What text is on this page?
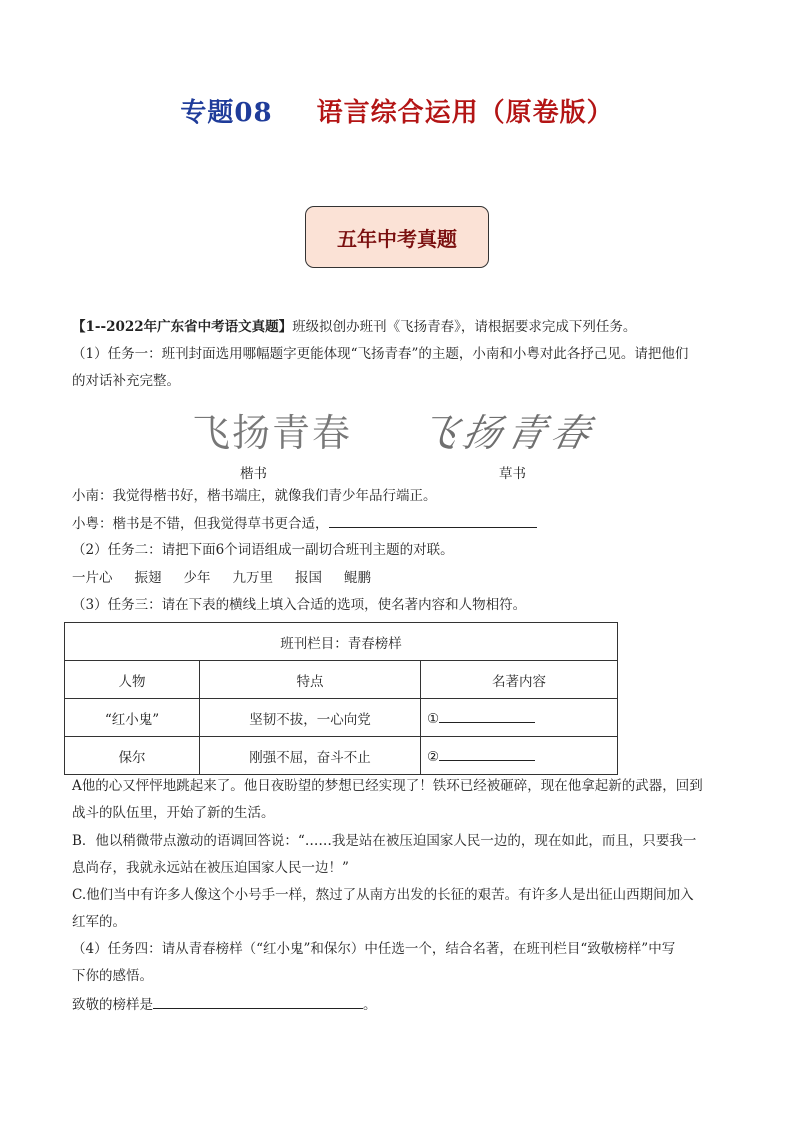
专题08 语言综合运用（原卷版）
五年中考真题
【1--2022年广东省中考语文真题】班级拟创办班刊《飞扬青春》，请根据要求完成下列任务。
（1）任务一：班刊封面选用哪幅题字更能体现“飞扬青春”的主题，小南和小粤对此各抒己见。请把他们
的对话补充完整。
飞扬青春 飞扬青春
楷书	草书
小南：我觉得楷书好，楷书端庄，就像我们青少年品行端正。
小粤：楷书是不错，但我觉得草书更合适，
（2）任务二：请把下面6个词语组成一副切合班刊主题的对联。
一片心 振翅 少年 九万里 报国 鲲鹏
（3）任务三：请在下表的横线上填入合适的选项，使名著内容和人物相符。
班刊栏目：青春榜样		
人物	特点	名著内容
“红小鬼”	坚韧不拔，一心向党	①
保尔	刚强不屈，奋斗不止	②
A他的心又怦怦地跳起来了。他日夜盼望的梦想已经实现了！铁环已经被砸碎，现在他拿起新的武器，回到
战斗的队伍里，开始了新的生活。
B．他以稍微带点激动的语调回答说：“……我是站在被压迫国家人民一边的，现在如此，而且，只要我一
息尚存，我就永远站在被压迫国家人民一边！”
C.他们当中有许多人像这个小号手一样，熬过了从南方出发的长征的艰苦。有许多人是出征山西期间加入
红军的。
（4）任务四：请从青春榜样（“红小鬼”和保尔）中任选一个，结合名著，在班刊栏目“致敬榜样”中写
下你的感悟。
致敬的榜样是	。
